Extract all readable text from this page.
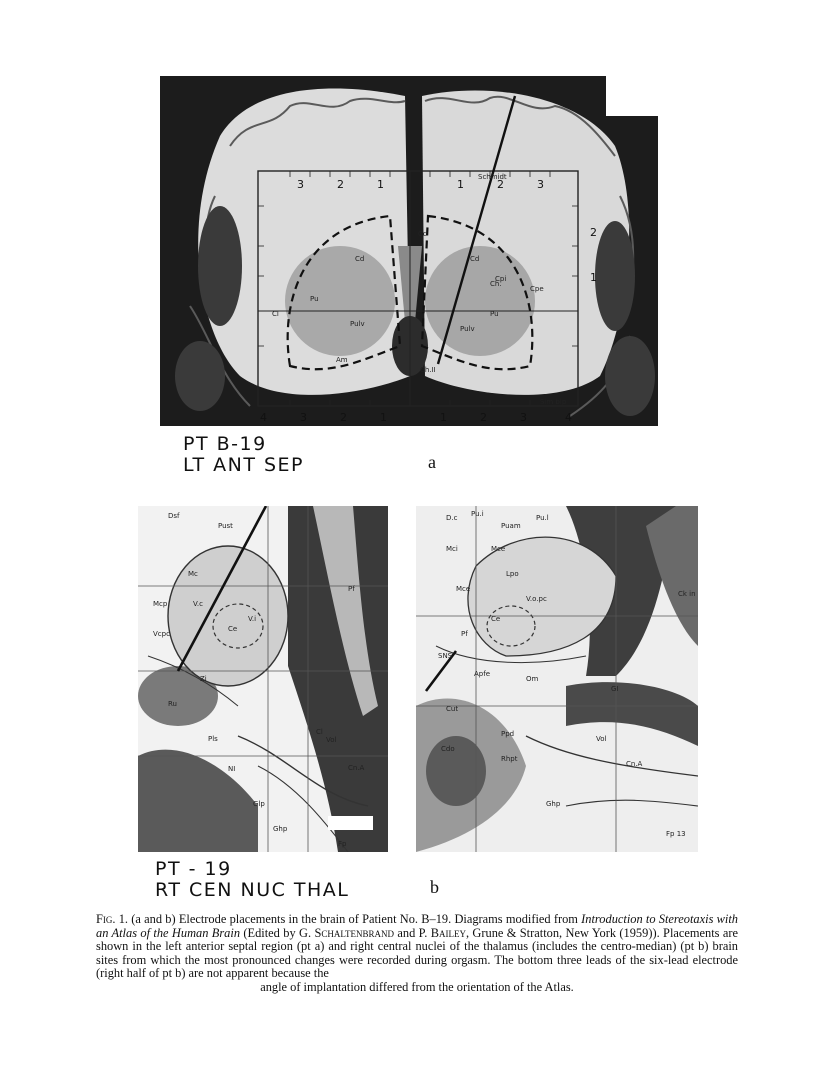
3	2	1	1	2	3
4	3	2	1	1	2	3	4
2
1
Schmidt
Cc
Cd	Cd
Cpi
Cpe
Pu
Pu
Pulv
Pulv
Ch.
Cl
Am
Ch.II
Sim blp
PT B-19
LT ANT SEP	a
Dsf
Pust
Mc
Mcp	V.c
Ce
Vcpc
V.i
Pf
Zi
Ru
NI
Cl
Vol
Cn.A
Glp
Ghp
Fp
Pls
D.c Pu.i
Puam
Pu.l
Mci	Mce
Lpo
Mce
V.o.pc
Ce
Pf
SNS
Apfe
Om
Cut
Cdo
GI
Vol
Ppd
Rhpt
Cn.A
Ghp
Fp 13
Ck in
PT - 19
RT CEN NUC THAL	b
Fig. 1. (a and b) Electrode placements in the brain of Patient No. B–19. Diagrams modified from Introduction to Stereotaxis with an Atlas of the Human Brain (Edited by G. Schaltenbrand and P. Bailey, Grune & Stratton, New York (1959)). Placements are shown in the left anterior septal region (pt a) and right central nuclei of the thalamus (includes the centro-median) (pt b) brain sites from which the most pronounced changes were recorded during orgasm. The bottom three leads of the six-lead electrode (right half of pt b) are not apparent because the
angle of implantation differed from the orientation of the Atlas.
